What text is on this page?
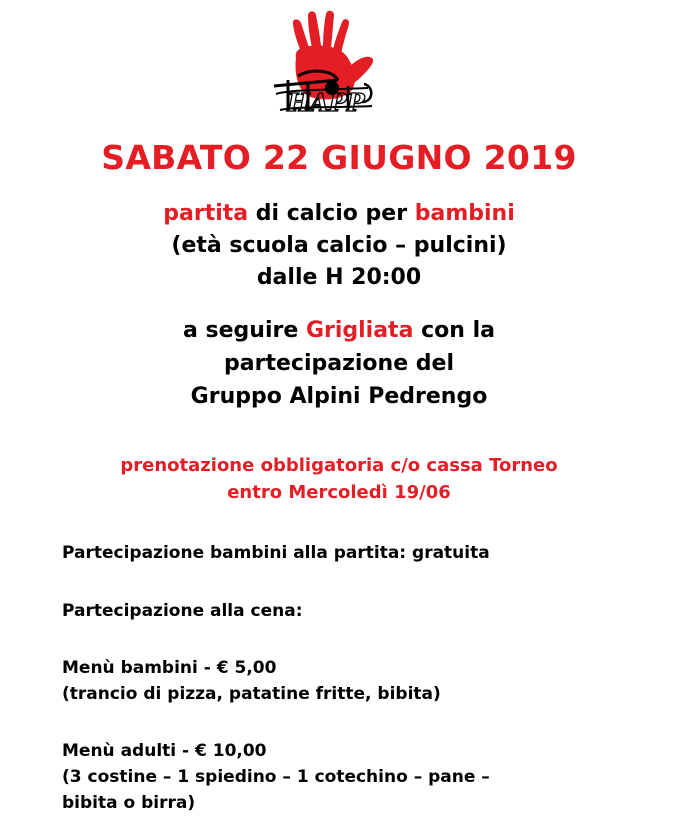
HAPP
SABATO 22 GIUGNO 2019
partita di calcio per bambini
(età scuola calcio – pulcini)
dalle H 20:00
a seguire Grigliata con la
partecipazione del
Gruppo Alpini Pedrengo
prenotazione obbligatoria c/o cassa Torneo
entro Mercoledì 19/06
Partecipazione bambini alla partita: gratuita
Partecipazione alla cena:
Menù bambini - € 5,00
(trancio di pizza, patatine fritte, bibita)
Menù adulti - € 10,00
(3 costine – 1 spiedino – 1 cotechino – pane –
bibita o birra)
